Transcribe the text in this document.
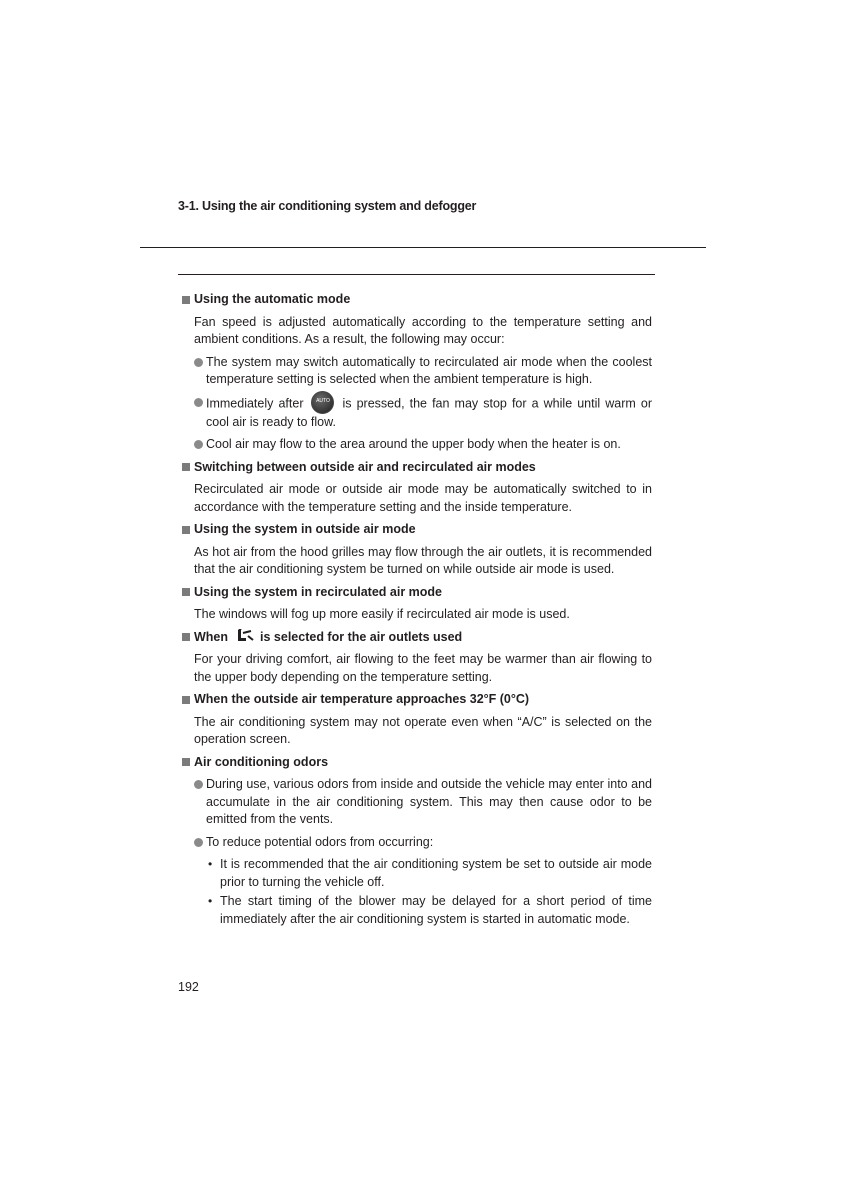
3-1. Using the air conditioning system and defogger
Using the automatic mode
Fan speed is adjusted automatically according to the temperature setting and ambient conditions. As a result, the following may occur:
The system may switch automatically to recirculated air mode when the coolest temperature setting is selected when the ambient temperature is high.
Immediately after	AUTO is pressed, the fan may stop for a while until warm or cool air is ready to flow.
Cool air may flow to the area around the upper body when the heater is on.
Switching between outside air and recirculated air modes
Recirculated air mode or outside air mode may be automatically switched to in accordance with the temperature setting and the inside temperature.
Using the system in outside air mode
As hot air from the hood grilles may flow through the air outlets, it is recommended that the air conditioning system be turned on while outside air mode is used.
Using the system in recirculated air mode
The windows will fog up more easily if recirculated air mode is used.
When	is selected for the air outlets used
For your driving comfort, air flowing to the feet may be warmer than air flowing to the upper body depending on the temperature setting.
When the outside air temperature approaches 32°F (0°C)
The air conditioning system may not operate even when “A/C” is selected on the operation screen.
Air conditioning odors
During use, various odors from inside and outside the vehicle may enter into and accumulate in the air conditioning system. This may then cause odor to be emitted from the vents.
To reduce potential odors from occurring:
• It is recommended that the air conditioning system be set to outside air mode prior to turning the vehicle off.
• The start timing of the blower may be delayed for a short period of time immediately after the air conditioning system is started in automatic mode.
192
